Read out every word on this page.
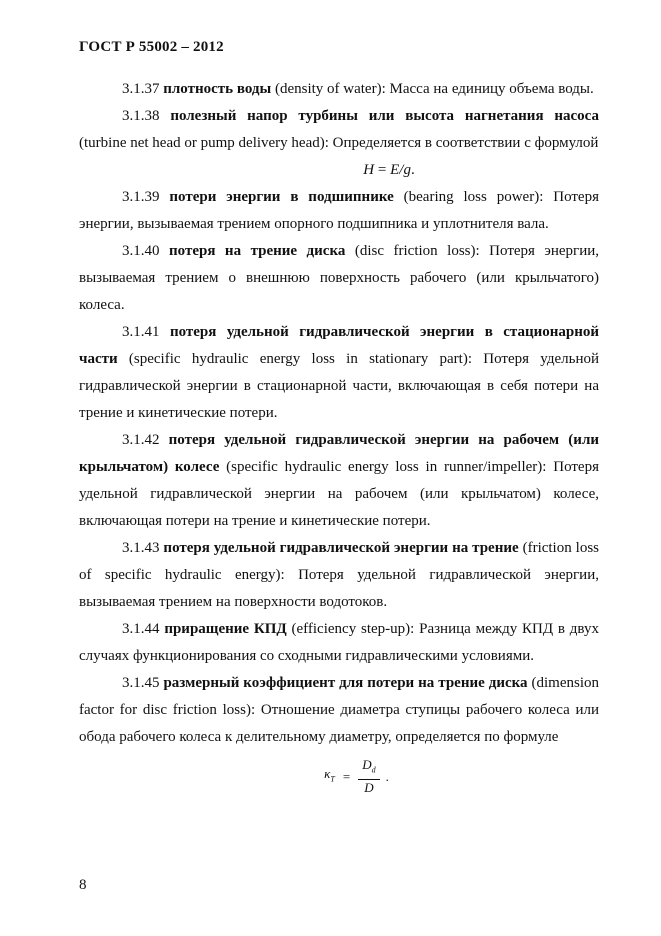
ГОСТ Р 55002 – 2012

3.1.37 плотность воды (density of water): Масса на единицу объема воды.

3.1.38 полезный напор турбины или высота нагнетания насоса (turbine net head or pump delivery head): Определяется в соответствии с формулой

H = E/g.

3.1.39 потери энергии в подшипнике (bearing loss power): Потеря энергии, вызываемая трением опорного подшипника и уплотнителя вала.

3.1.40 потеря на трение диска (disc friction loss): Потеря энергии, вызываемая трением о внешнюю поверхность рабочего (или крыльчатого) колеса.

3.1.41 потеря удельной гидравлической энергии в стационарной части (specific hydraulic energy loss in stationary part): Потеря удельной гидравлической энергии в стационарной части, включающая в себя потери на трение и кинетические потери.

3.1.42 потеря удельной гидравлической энергии на рабочем (или крыльчатом) колесе (specific hydraulic energy loss in runner/impeller): Потеря удельной гидравлической энергии на рабочем (или крыльчатом) колесе, включающая потери на трение и кинетические потери.

3.1.43 потеря удельной гидравлической энергии на трение (friction loss of specific hydraulic energy): Потеря удельной гидравлической энергии, вызываемая трением на поверхности водотоков.

3.1.44 приращение КПД (efficiency step-up): Разница между КПД в двух случаях функционирования со сходными гидравлическими условиями.

3.1.45 размерный коэффициент для потери на трение диска (dimension factor for disc friction loss): Отношение диаметра ступицы рабочего колеса или обода рабочего колеса к делительному диаметру, определяется по формуле

$\kappa_T = \frac{D_d}{D}$ .
8
